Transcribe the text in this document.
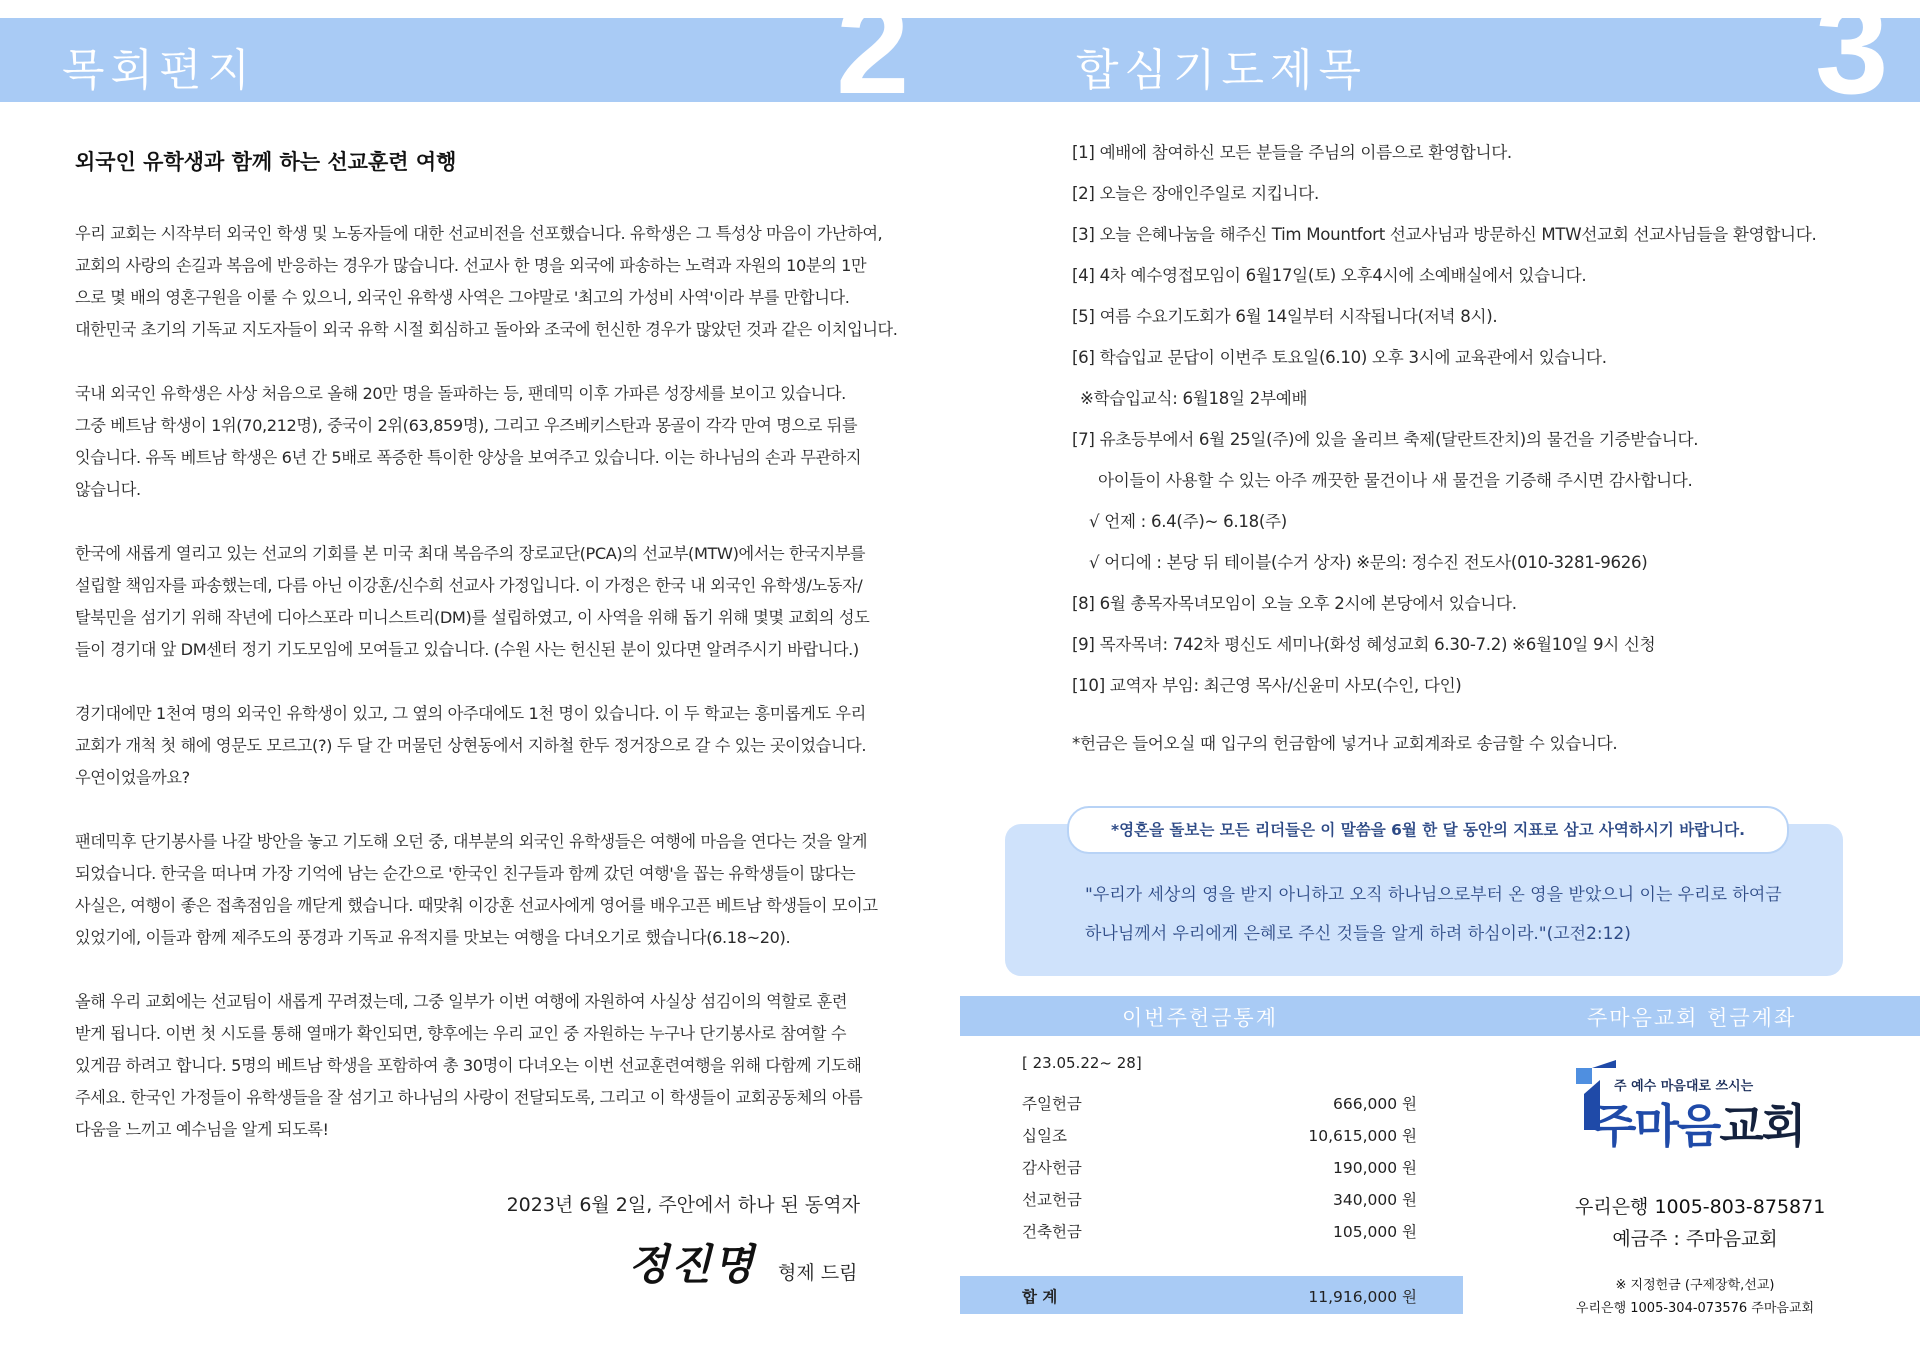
목회편지	2
외국인 유학생과 함께 하는 선교훈련 여행
우리 교회는 시작부터 외국인 학생 및 노동자들에 대한 선교비전을 선포했습니다. 유학생은 그 특성상 마음이 가난하여,
교회의 사랑의 손길과 복음에 반응하는 경우가 많습니다. 선교사 한 명을 외국에 파송하는 노력과 자원의 10분의 1만
으로 몇 배의 영혼구원을 이룰 수 있으니, 외국인 유학생 사역은 그야말로 '최고의 가성비 사역'이라 부를 만합니다.
대한민국 초기의 기독교 지도자들이 외국 유학 시절 회심하고 돌아와 조국에 헌신한 경우가 많았던 것과 같은 이치입니다.
국내 외국인 유학생은 사상 처음으로 올해 20만 명을 돌파하는 등, 팬데믹 이후 가파른 성장세를 보이고 있습니다.
그중 베트남 학생이 1위(70,212명), 중국이 2위(63,859명), 그리고 우즈베키스탄과 몽골이 각각 만여 명으로 뒤를
잇습니다. 유독 베트남 학생은 6년 간 5배로 폭증한 특이한 양상을 보여주고 있습니다. 이는 하나님의 손과 무관하지
않습니다.
한국에 새롭게 열리고 있는 선교의 기회를 본 미국 최대 복음주의 장로교단(PCA)의 선교부(MTW)에서는 한국지부를
설립할 책임자를 파송했는데, 다름 아닌 이강훈/신수희 선교사 가정입니다. 이 가정은 한국 내 외국인 유학생/노동자/
탈북민을 섬기기 위해 작년에 디아스포라 미니스트리(DM)를 설립하였고, 이 사역을 위해 돕기 위해 몇몇 교회의 성도
들이 경기대 앞 DM센터 정기 기도모임에 모여들고 있습니다. (수원 사는 헌신된 분이 있다면 알려주시기 바랍니다.)
경기대에만 1천여 명의 외국인 유학생이 있고, 그 옆의 아주대에도 1천 명이 있습니다. 이 두 학교는 흥미롭게도 우리
교회가 개척 첫 해에 영문도 모르고(?) 두 달 간 머물던 상현동에서 지하철 한두 정거장으로 갈 수 있는 곳이었습니다.
우연이었을까요?
팬데믹후 단기봉사를 나갈 방안을 놓고 기도해 오던 중, 대부분의 외국인 유학생들은 여행에 마음을 연다는 것을 알게
되었습니다. 한국을 떠나며 가장 기억에 남는 순간으로 '한국인 친구들과 함께 갔던 여행'을 꼽는 유학생들이 많다는
사실은, 여행이 좋은 접촉점임을 깨닫게 했습니다. 때맞춰 이강훈 선교사에게 영어를 배우고픈 베트남 학생들이 모이고
있었기에, 이들과 함께 제주도의 풍경과 기독교 유적지를 맛보는 여행을 다녀오기로 했습니다(6.18~20).
올해 우리 교회에는 선교팀이 새롭게 꾸려졌는데, 그중 일부가 이번 여행에 자원하여 사실상 섬김이의 역할로 훈련
받게 됩니다. 이번 첫 시도를 통해 열매가 확인되면, 향후에는 우리 교인 중 자원하는 누구나 단기봉사로 참여할 수
있게끔 하려고 합니다. 5명의 베트남 학생을 포함하여 총 30명이 다녀오는 이번 선교훈련여행을 위해 다함께 기도해
주세요. 한국인 가정들이 유학생들을 잘 섬기고 하나님의 사랑이 전달되도록, 그리고 이 학생들이 교회공동체의 아름
다움을 느끼고 예수님을 알게 되도록!
2023년 6월 2일, 주안에서 하나 된 동역자
정진명 형제 드림
합심기도제목	3
[1] 예배에 참여하신 모든 분들을 주님의 이름으로 환영합니다.
[2] 오늘은 장애인주일로 지킵니다.
[3] 오늘 은혜나눔을 해주신 Tim Mountfort 선교사님과 방문하신 MTW선교회 선교사님들을 환영합니다.
[4] 4차 예수영접모임이 6월17일(토) 오후4시에 소예배실에서 있습니다.
[5] 여름 수요기도회가 6월 14일부터 시작됩니다(저녁 8시).
[6] 학습입교 문답이 이번주 토요일(6.10) 오후 3시에 교육관에서 있습니다.
※학습입교식: 6월18일 2부예배
[7] 유초등부에서 6월 25일(주)에 있을 올리브 축제(달란트잔치)의 물건을 기증받습니다.
아이들이 사용할 수 있는 아주 깨끗한 물건이나 새 물건을 기증해 주시면 감사합니다.
√ 언제 : 6.4(주)~ 6.18(주)
√ 어디에 : 본당 뒤 테이블(수거 상자) ※문의: 정수진 전도사(010-3281-9626)
[8] 6월 총목자목녀모임이 오늘 오후 2시에 본당에서 있습니다.
[9] 목자목녀: 742차 평신도 세미나(화성 혜성교회 6.30-7.2) ※6월10일 9시 신청
[10] 교역자 부임: 최근영 목사/신윤미 사모(수인, 다인)
*헌금은 들어오실 때 입구의 헌금함에 넣거나 교회계좌로 송금할 수 있습니다.
*영혼을 돌보는 모든 리더들은 이 말씀을 6월 한 달 동안의 지표로 삼고 사역하시기 바랍니다.
"우리가 세상의 영을 받지 아니하고 오직 하나님으로부터 온 영을 받았으니 이는 우리로 하여금
하나님께서 우리에게 은혜로 주신 것들을 알게 하려 하심이라."(고전2:12)
이번주헌금통계	주마음교회 헌금계좌
[ 23.05.22~ 28]
주일헌금	666,000 원
십일조	10,615,000 원
감사헌금	190,000 원
선교헌금	340,000 원
건축헌금	105,000 원
합 계	11,916,000 원
주 예수 마음대로 쓰시는
주마음교회
우리은행 1005-803-875871
예금주 : 주마음교회
※ 지정헌금 (구제장학,선교)
우리은행 1005-304-073576 주마음교회
